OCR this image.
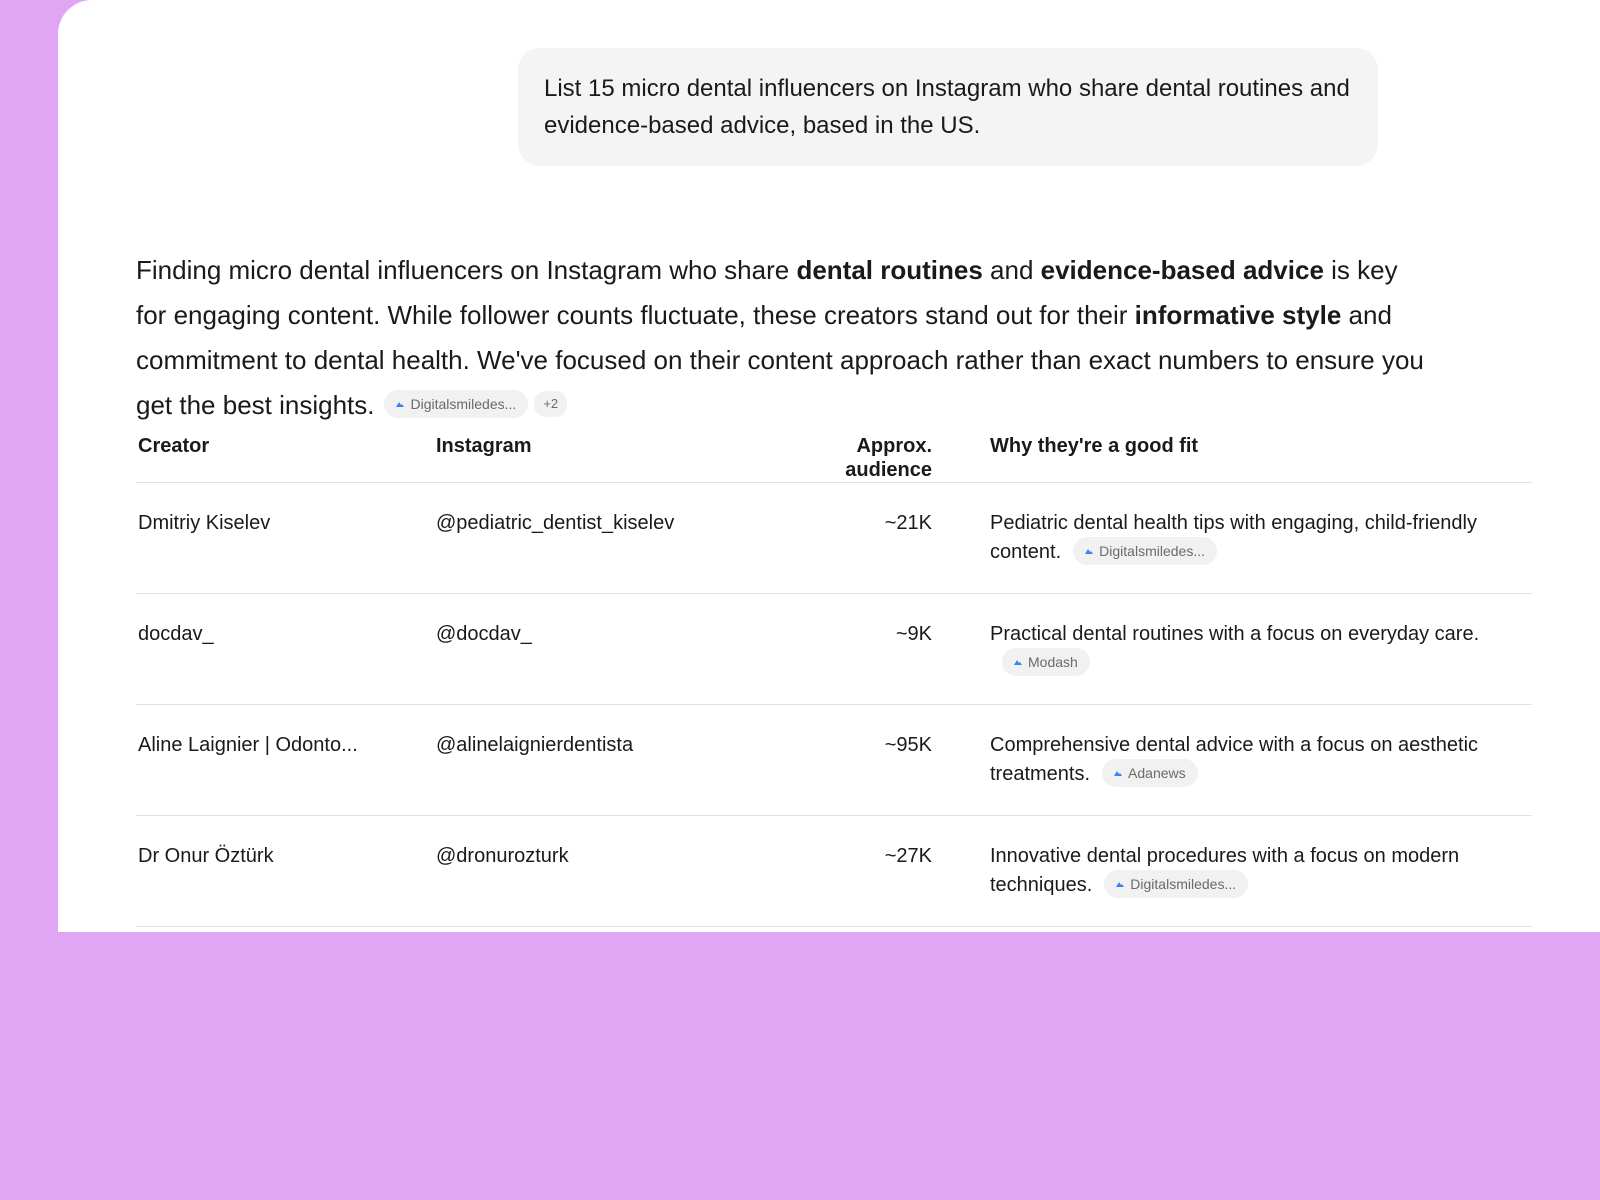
List 15 micro dental influencers on Instagram who share dental routines and evidence-based advice, based in the US.
Finding micro dental influencers on Instagram who share dental routines and evidence-based advice is key for engaging content. While follower counts fluctuate, these creators stand out for their informative style and commitment to dental health. We've focused on their content approach rather than exact numbers to ensure you get the best insights.	Digitalsmiledes... +2
Creator	Instagram	Approx. audience	Why they're a good fit
Dmitriy Kiselev	@pediatric_dentist_kiselev	~21K	Pediatric dental health tips with engaging, child-friendly content. Digitalsmiledes...

docdav_	@docdav_	~9K	Practical dental routines with a focus on everyday care.
Modash

Aline Laignier | Odonto...	@alinelaignierdentista	~95K	Comprehensive dental advice with a focus on aesthetic treatments. Adanews

Dr Onur Öztürk	@dronurozturk	~27K	Innovative dental procedures with a focus on modern techniques. Digitalsmiledes...
